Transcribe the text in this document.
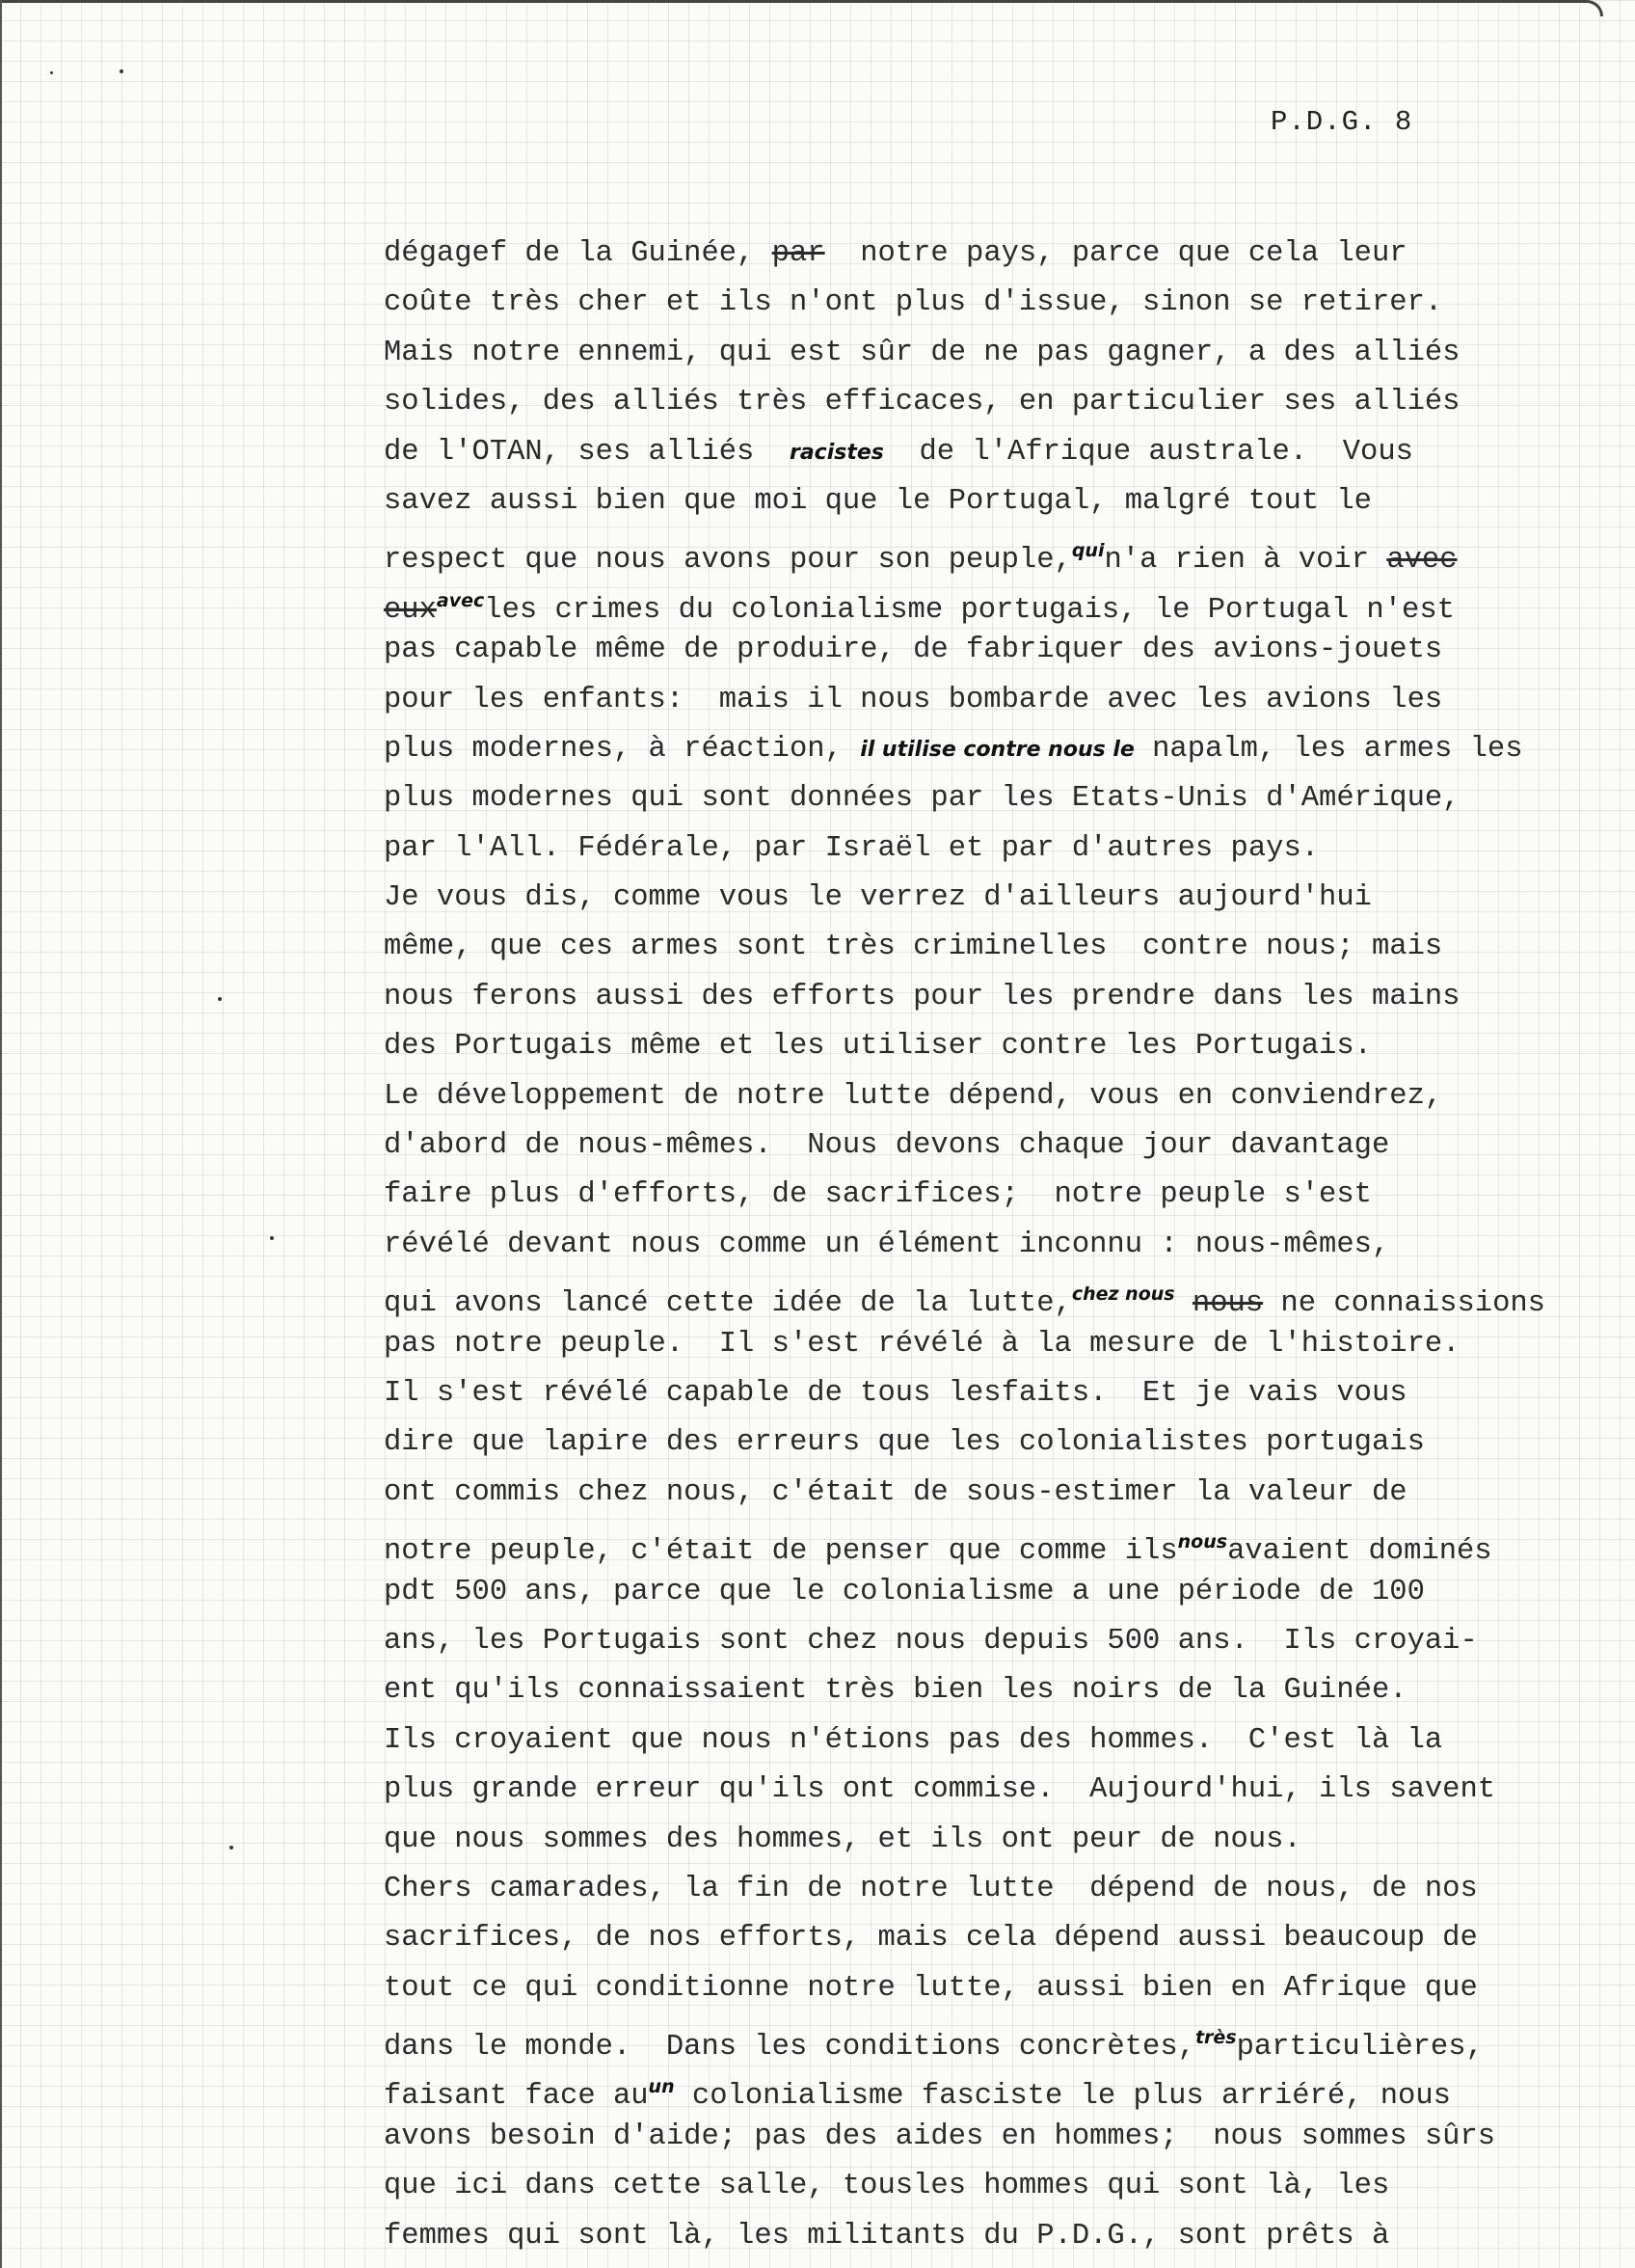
P.D.G. 8
dégagef de la Guinée, par  notre pays, parce que cela leur
coûte très cher et ils n'ont plus d'issue, sinon se retirer.
Mais notre ennemi, qui est sûr de ne pas gagner, a des alliés
solides, des alliés très efficaces, en particulier ses alliés
de l'OTAN, ses alliés  racistes  de l'Afrique australe.  Vous
savez aussi bien que moi que le Portugal, malgré tout le
respect que nous avons pour son peuple,$^{qui}$n'a rien à voir avec
eux$^{avec}$les crimes du colonialisme portugais, le Portugal n'est
pas capable même de produire, de fabriquer des avions-jouets
pour les enfants:  mais il nous bombarde avec les avions les
plus modernes, à réaction, il utilise contre nous le napalm, les armes les
plus modernes qui sont données par les Etats-Unis d'Amérique,
par l'All. Fédérale, par Israël et par d'autres pays.
Je vous dis, comme vous le verrez d'ailleurs aujourd'hui
même, que ces armes sont très criminelles  contre nous; mais
nous ferons aussi des efforts pour les prendre dans les mains
des Portugais même et les utiliser contre les Portugais.
Le développement de notre lutte dépend, vous en conviendrez,
d'abord de nous-mêmes.  Nous devons chaque jour davantage
faire plus d'efforts, de sacrifices;  notre peuple s'est
révélé devant nous comme un élément inconnu : nous-mêmes,
qui avons lancé cette idée de la lutte,$^{chez nous}$ nous ne connaissions
pas notre peuple.  Il s'est révélé à la mesure de l'histoire.
Il s'est révélé capable de tous lesfaits.  Et je vais vous
dire que lapire des erreurs que les colonialistes portugais
ont commis chez nous, c'était de sous-estimer la valeur de
notre peuple, c'était de penser que comme ils$^{nous}$avaient dominés
pdt 500 ans, parce que le colonialisme a une période de 100
ans, les Portugais sont chez nous depuis 500 ans.  Ils croyai-
ent qu'ils connaissaient très bien les noirs de la Guinée.
Ils croyaient que nous n'étions pas des hommes.  C'est là la
plus grande erreur qu'ils ont commise.  Aujourd'hui, ils savent
que nous sommes des hommes, et ils ont peur de nous.
Chers camarades, la fin de notre lutte  dépend de nous, de nos
sacrifices, de nos efforts, mais cela dépend aussi beaucoup de
tout ce qui conditionne notre lutte, aussi bien en Afrique que
dans le monde.  Dans les conditions concrètes,$^{très}$particulières,
faisant face $au^{un}$ colonialisme fasciste le plus arriéré, nous
avons besoin d'aide; pas des aides en hommes;  nous sommes sûrs
que ici dans cette salle, tousles hommes qui sont là, les
femmes qui sont là, les militants du P.D.G., sont prêts à
